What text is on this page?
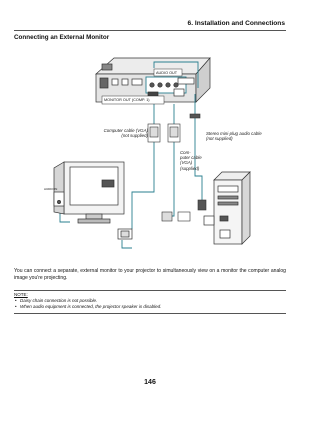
6. Installation and Connections
Connecting an External Monitor
MONITOR OUT (COMP. 1)
AUDIO OUT
AUDIO IN
Computer cable (VGA)
(not supplied)	Stereo mini-plug audio cable
(not supplied)
Com-
puter cable
(VGA)
(supplied)
You can connect a separate, external monitor to your projector to simultaneously view on a monitor the computer analog image you're projecting.
NOTE:
• Daisy chain connection is not possible.
• When audio equipment is connected, the projector speaker is disabled.
146
